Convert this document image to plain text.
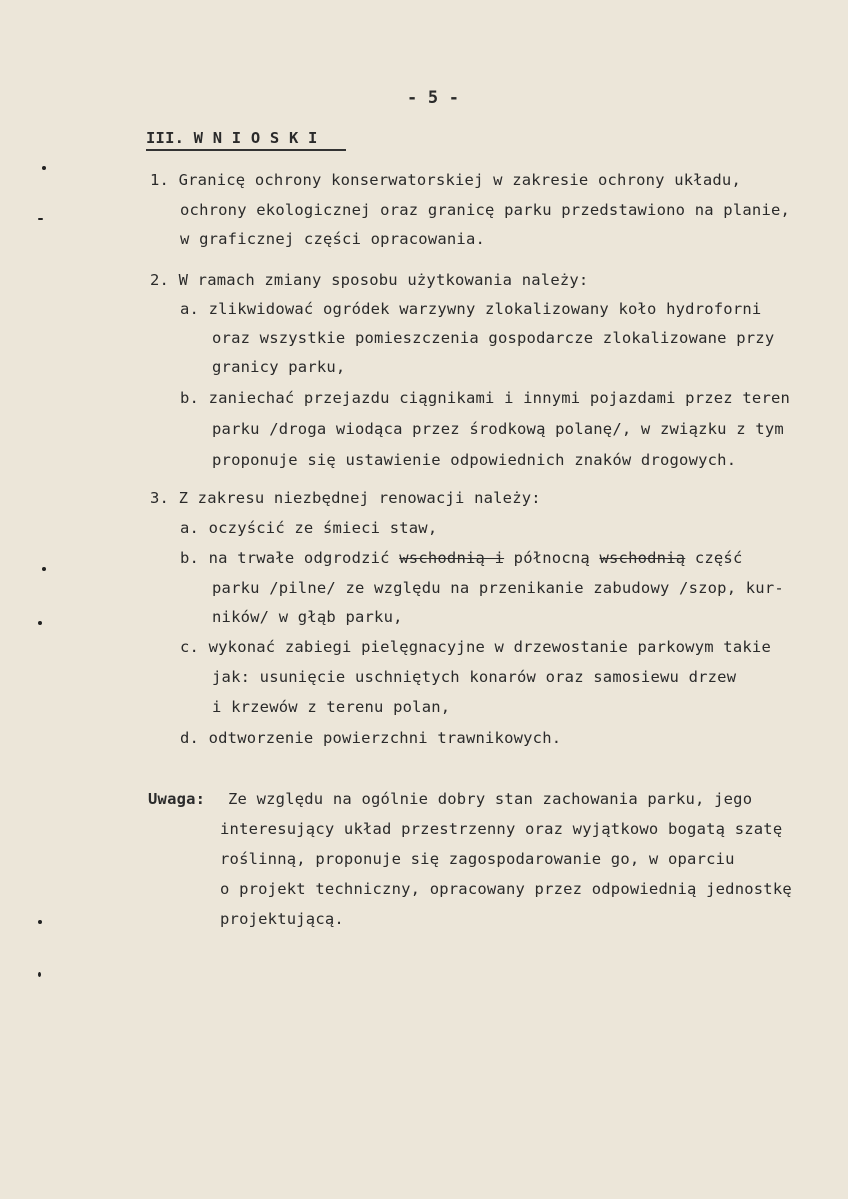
- 5 -
III. W N I O S K I
1. Granicę ochrony konserwatorskiej w zakresie ochrony układu,
ochrony ekologicznej oraz granicę parku przedstawiono na planie,
w graficznej części opracowania.
2. W ramach zmiany sposobu użytkowania należy:
a. zlikwidować ogródek warzywny zlokalizowany koło hydroforni
oraz wszystkie pomieszczenia gospodarcze zlokalizowane przy
granicy parku,
b. zaniechać przejazdu ciągnikami i innymi pojazdami przez teren
parku /droga wiodąca przez środkową polanę/, w związku z tym
proponuje się ustawienie odpowiednich znaków drogowych.
3. Z zakresu niezbędnej renowacji należy:
a. oczyścić ze śmieci staw,
b. na trwałe odgrodzić wschodnią i północną wschodnią część
parku /pilne/ ze względu na przenikanie zabudowy /szop, kur-
ników/ w głąb parku,
c. wykonać zabiegi pielęgnacyjne w drzewostanie parkowym takie
jak: usunięcie uschniętych konarów oraz samosiewu drzew
i krzewów z terenu polan,
d. odtworzenie powierzchni trawnikowych.
Uwaga: Ze względu na ogólnie dobry stan zachowania parku, jego
interesujący układ przestrzenny oraz wyjątkowo bogatą szatę
roślinną, proponuje się zagospodarowanie go, w oparciu
o projekt techniczny, opracowany przez odpowiednią jednostkę
projektującą.
